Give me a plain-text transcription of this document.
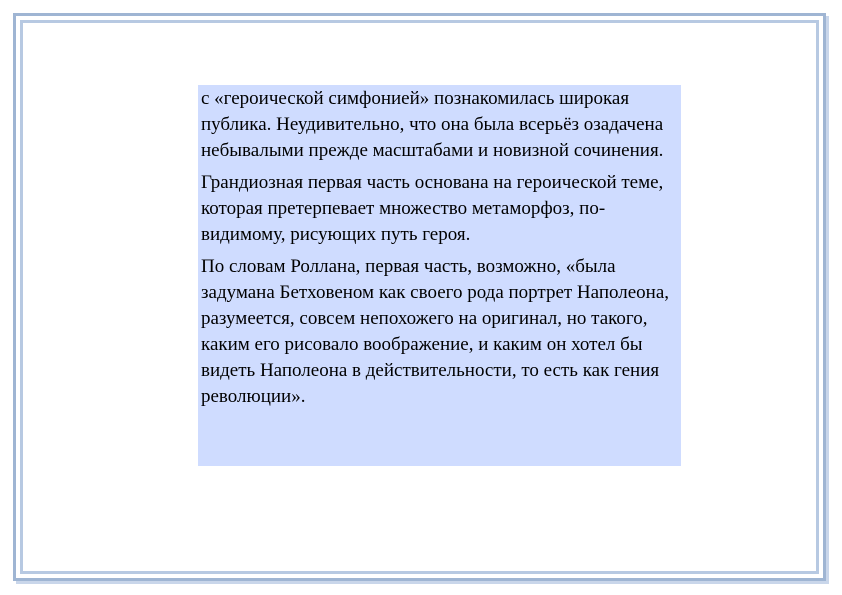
с «героической симфонией» познакомилась широкая публика. Неудивительно, что она была всерьёз озадачена небывалыми прежде масштабами и новизной сочинения.

Грандиозная первая часть основана на героической теме, которая претерпевает множество метаморфоз, по-видимому, рисующих путь героя.

По словам Роллана, первая часть, возможно, «была задумана Бетховеном как своего рода портрет Наполеона, разумеется, совсем непохожего на оригинал, но такого, каким его рисовало воображение, и каким он хотел бы видеть Наполеона в действительности, то есть как гения революции».
